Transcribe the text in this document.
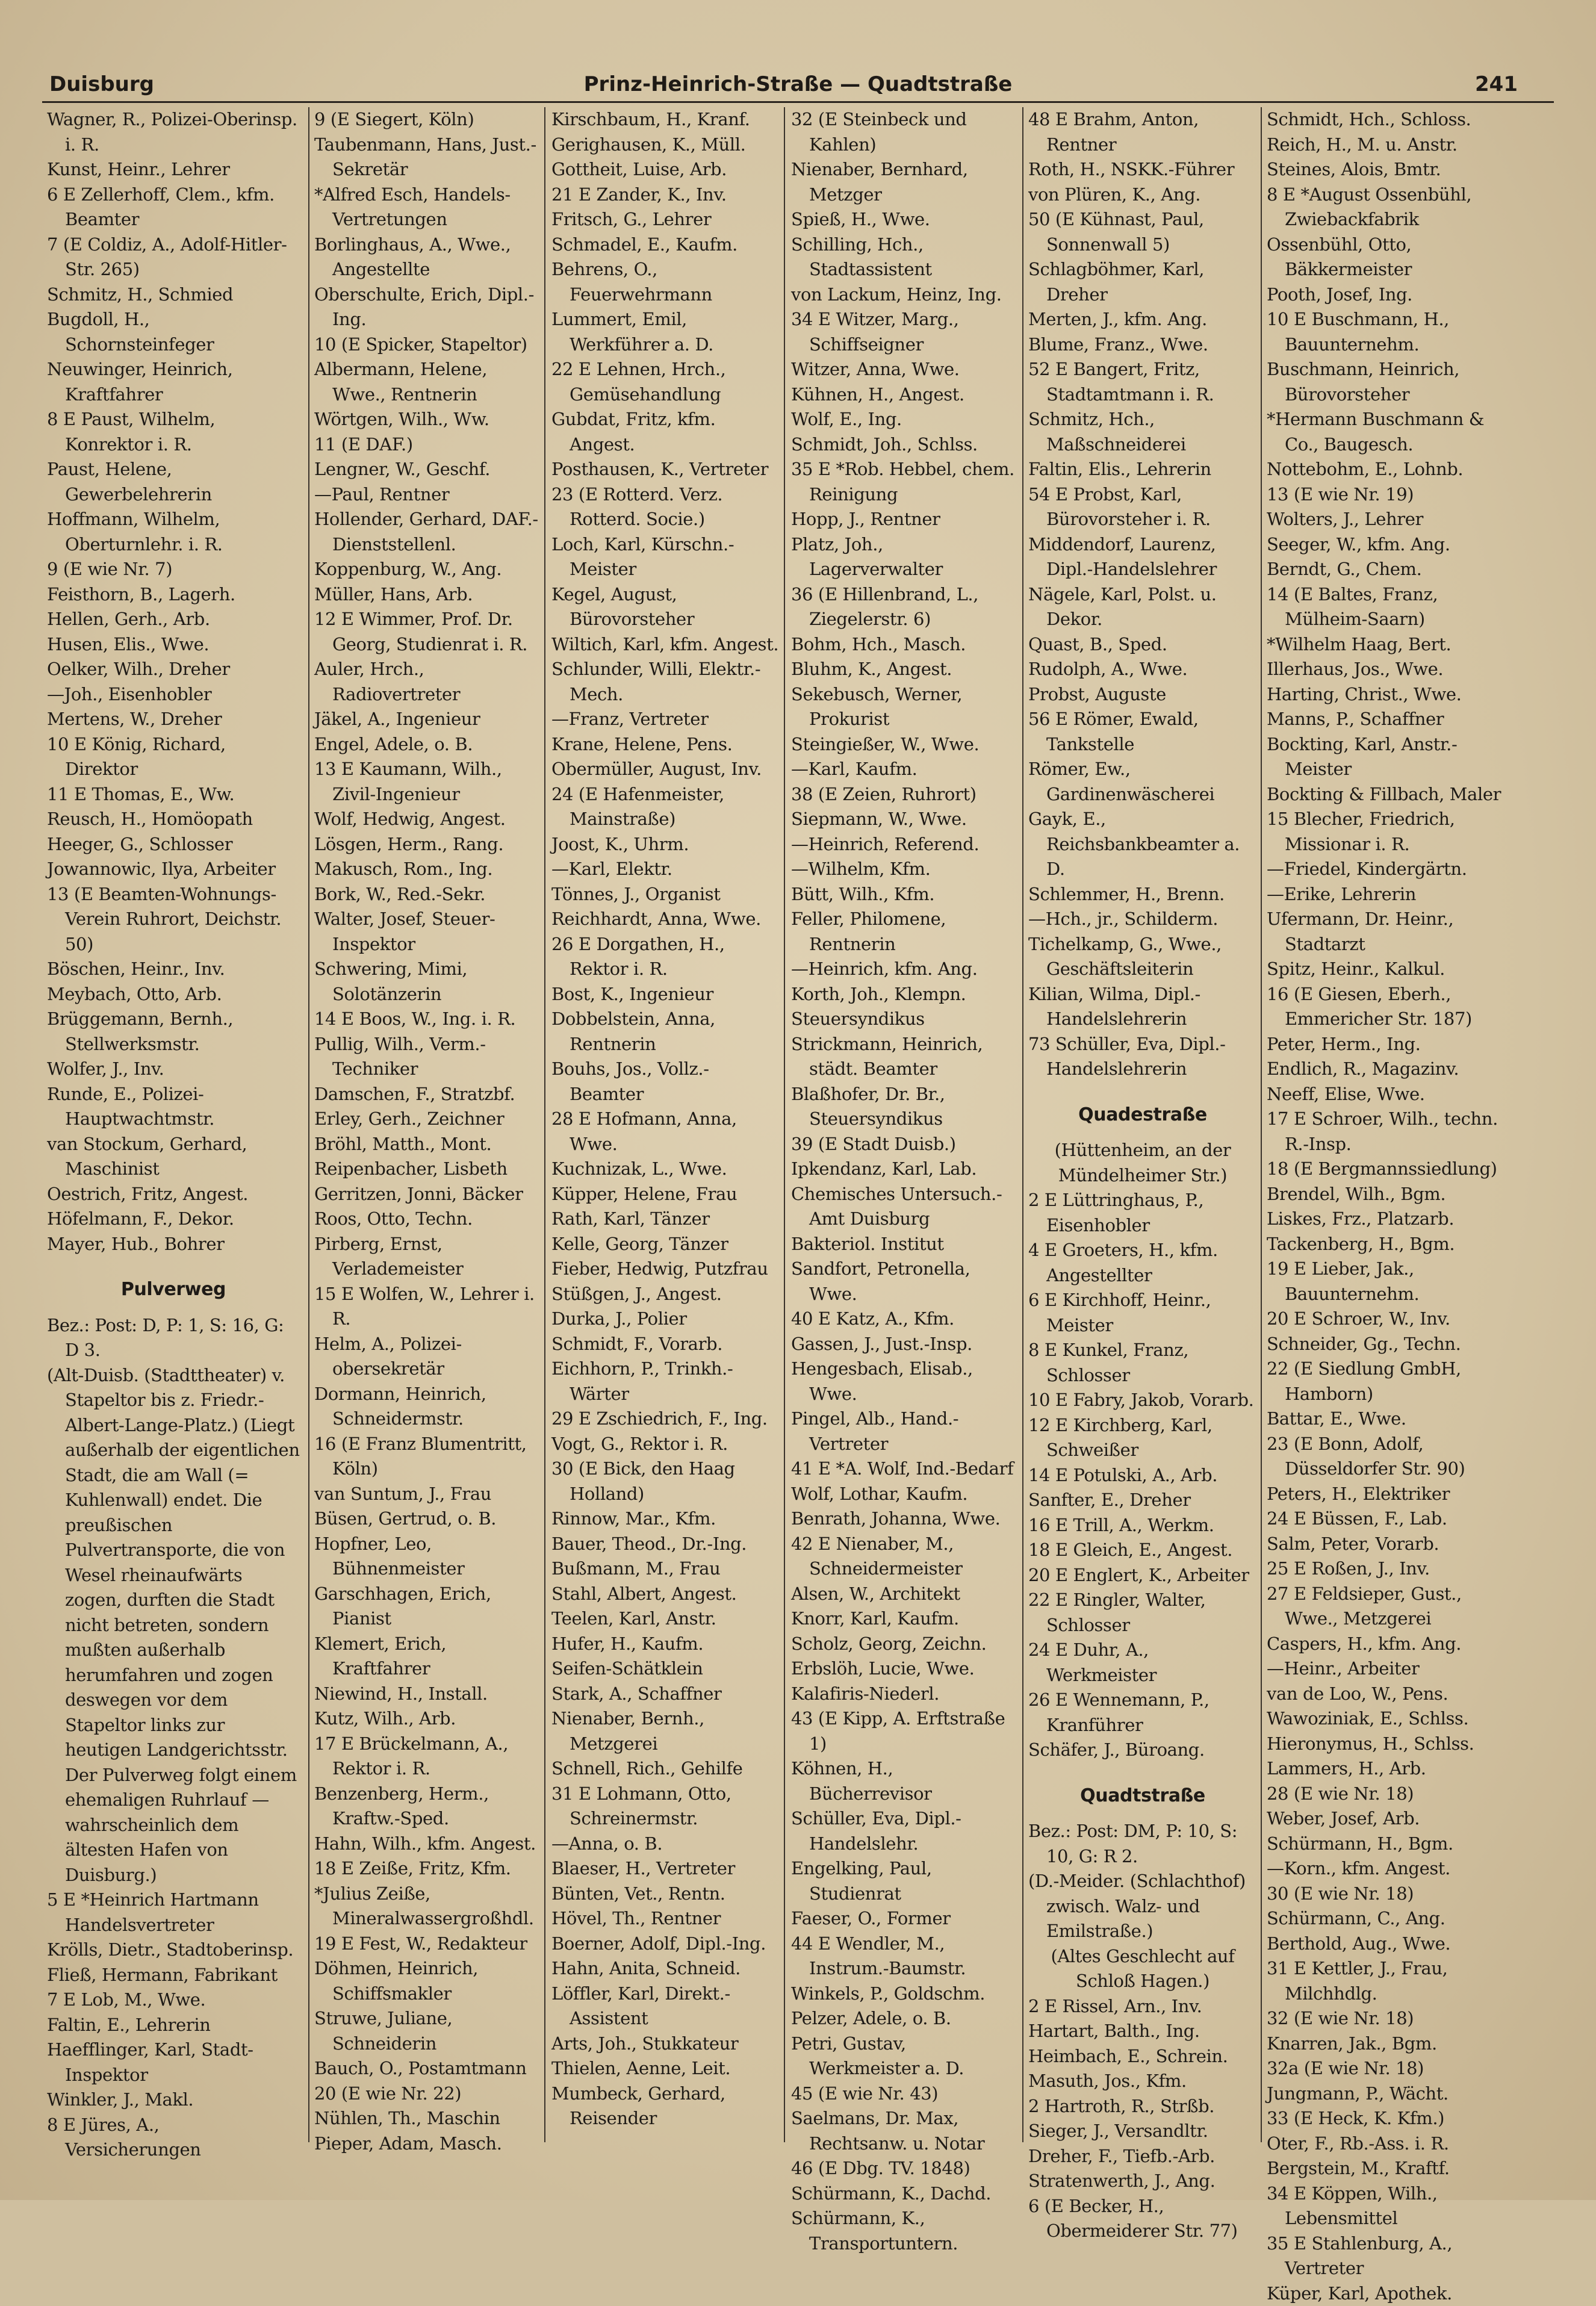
Duisburg	Prinz-Heinrich-Straße — Quadtstraße	241
Wagner, R., Polizei-Oberinsp. i. R.
Kunst, Heinr., Lehrer
6 E Zellerhoff, Clem., kfm. Beamter
7 (E Coldiz, A., Adolf-Hitler-Str. 265)
Schmitz, H., Schmied
Bugdoll, H., Schornsteinfeger
Neuwinger, Heinrich, Kraftfahrer
8 E Paust, Wilhelm, Konrektor i. R.
Paust, Helene, Gewerbelehrerin
Hoffmann, Wilhelm, Oberturnlehr. i. R.
9 (E wie Nr. 7)
Feisthorn, B., Lagerh.
Hellen, Gerh., Arb.
Husen, Elis., Wwe.
Oelker, Wilh., Dreher
—Joh., Eisenhobler
Mertens, W., Dreher
10 E König, Richard, Direktor
11 E Thomas, E., Ww.
Reusch, H., Homöopath
Heeger, G., Schlosser
Jowannowic, Ilya, Arbeiter
13 (E Beamten-Wohnungs-Verein Ruhrort, Deichstr. 50)
Böschen, Heinr., Inv.
Meybach, Otto, Arb.
Brüggemann, Bernh., Stellwerksmstr.
Wolfer, J., Inv.
Runde, E., Polizei-Hauptwachtmstr.
van Stockum, Gerhard, Maschinist
Oestrich, Fritz, Angest.
Höfelmann, F., Dekor.
Mayer, Hub., Bohrer
Pulverweg
Bez.: Post: D, P: 1, S: 16, G: D 3.
(Alt-Duisb. (Stadttheater) v. Stapeltor bis z. Friedr.-Albert-Lange-Platz.) (Liegt außerhalb der eigentlichen Stadt, die am Wall (= Kuhlenwall) endet. Die preußischen Pulvertransporte, die von Wesel rheinaufwärts zogen, durften die Stadt nicht betreten, sondern mußten außerhalb herumfahren und zogen deswegen vor dem Stapeltor links zur heutigen Landgerichtsstr. Der Pulverweg folgt einem ehemaligen Ruhrlauf — wahrscheinlich dem ältesten Hafen von Duisburg.)
5 E *Heinrich Hartmann Handelsvertreter
Krölls, Dietr., Stadtoberinsp.
Fließ, Hermann, Fabrikant
7 E Lob, M., Wwe.
Faltin, E., Lehrerin
Haefflinger, Karl, Stadt-Inspektor
Winkler, J., Makl.
8 E Jüres, A., Versicherungen
9 (E Siegert, Köln)
Taubenmann, Hans, Just.-Sekretär
*Alfred Esch, Handels-Vertretungen
Borlinghaus, A., Wwe., Angestellte
Oberschulte, Erich, Dipl.-Ing.
10 (E Spicker, Stapeltor)
Albermann, Helene, Wwe., Rentnerin
Wörtgen, Wilh., Ww.
11 (E DAF.)
Lengner, W., Geschf.
—Paul, Rentner
Hollender, Gerhard, DAF.-Dienststellenl.
Koppenburg, W., Ang.
Müller, Hans, Arb.
12 E Wimmer, Prof. Dr. Georg, Studienrat i. R.
Auler, Hrch., Radiovertreter
Jäkel, A., Ingenieur
Engel, Adele, o. B.
13 E Kaumann, Wilh., Zivil-Ingenieur
Wolf, Hedwig, Angest.
Lösgen, Herm., Rang.
Makusch, Rom., Ing.
Bork, W., Red.-Sekr.
Walter, Josef, Steuer-Inspektor
Schwering, Mimi, Solotänzerin
14 E Boos, W., Ing. i. R.
Pullig, Wilh., Verm.-Techniker
Damschen, F., Stratzbf.
Erley, Gerh., Zeichner
Bröhl, Matth., Mont.
Reipenbacher, Lisbeth
Gerritzen, Jonni, Bäcker
Roos, Otto, Techn.
Pirberg, Ernst, Verlademeister
15 E Wolfen, W., Lehrer i. R.
Helm, A., Polizei-obersekretär
Dormann, Heinrich, Schneidermstr.
16 (E Franz Blumentritt, Köln)
van Suntum, J., Frau
Büsen, Gertrud, o. B.
Hopfner, Leo, Bühnenmeister
Garschhagen, Erich, Pianist
Klemert, Erich, Kraftfahrer
Niewind, H., Install.
Kutz, Wilh., Arb.
17 E Brückelmann, A., Rektor i. R.
Benzenberg, Herm., Kraftw.-Sped.
Hahn, Wilh., kfm. Angest.
18 E Zeiße, Fritz, Kfm.
*Julius Zeiße, Mineralwassergroßhdl.
19 E Fest, W., Redakteur
Döhmen, Heinrich, Schiffsmakler
Struwe, Juliane, Schneiderin
Bauch, O., Postamtmann
20 (E wie Nr. 22)
Nühlen, Th., Maschin
Pieper, Adam, Masch.
Kirschbaum, H., Kranf.
Gerighausen, K., Müll.
Gottheit, Luise, Arb.
21 E Zander, K., Inv.
Fritsch, G., Lehrer
Schmadel, E., Kaufm.
Behrens, O., Feuerwehrmann
Lummert, Emil, Werkführer a. D.
22 E Lehnen, Hrch., Gemüsehandlung
Gubdat, Fritz, kfm. Angest.
Posthausen, K., Vertreter
23 (E Rotterd. Verz. Rotterd. Socie.)
Loch, Karl, Kürschn.-Meister
Kegel, August, Bürovorsteher
Wiltich, Karl, kfm. Angest.
Schlunder, Willi, Elektr.-Mech.
—Franz, Vertreter
Krane, Helene, Pens.
Obermüller, August, Inv.
24 (E Hafenmeister, Mainstraße)
Joost, K., Uhrm.
—Karl, Elektr.
Tönnes, J., Organist
Reichhardt, Anna, Wwe.
26 E Dorgathen, H., Rektor i. R.
Bost, K., Ingenieur
Dobbelstein, Anna, Rentnerin
Bouhs, Jos., Vollz.-Beamter
28 E Hofmann, Anna, Wwe.
Kuchnizak, L., Wwe.
Küpper, Helene, Frau
Rath, Karl, Tänzer
Kelle, Georg, Tänzer
Fieber, Hedwig, Putzfrau
Stüßgen, J., Angest.
Durka, J., Polier
Schmidt, F., Vorarb.
Eichhorn, P., Trinkh.-Wärter
29 E Zschiedrich, F., Ing.
Vogt, G., Rektor i. R.
30 (E Bick, den Haag Holland)
Rinnow, Mar., Kfm.
Bauer, Theod., Dr.-Ing.
Bußmann, M., Frau
Stahl, Albert, Angest.
Teelen, Karl, Anstr.
Hufer, H., Kaufm.
Seifen-Schätklein
Stark, A., Schaffner
Nienaber, Bernh., Metzgerei
Schnell, Rich., Gehilfe
31 E Lohmann, Otto, Schreinermstr.
—Anna, o. B.
Blaeser, H., Vertreter
Bünten, Vet., Rentn.
Hövel, Th., Rentner
Boerner, Adolf, Dipl.-Ing.
Hahn, Anita, Schneid.
Löffler, Karl, Direkt.-Assistent
Arts, Joh., Stukkateur
Thielen, Aenne, Leit.
Mumbeck, Gerhard, Reisender
32 (E Steinbeck und Kahlen)
Nienaber, Bernhard, Metzger
Spieß, H., Wwe.
Schilling, Hch., Stadtassistent
von Lackum, Heinz, Ing.
34 E Witzer, Marg., Schiffseigner
Witzer, Anna, Wwe.
Kühnen, H., Angest.
Wolf, E., Ing.
Schmidt, Joh., Schlss.
35 E *Rob. Hebbel, chem. Reinigung
Hopp, J., Rentner
Platz, Joh., Lagerverwalter
36 (E Hillenbrand, L., Ziegelerstr. 6)
Bohm, Hch., Masch.
Bluhm, K., Angest.
Sekebusch, Werner, Prokurist
Steingießer, W., Wwe.
—Karl, Kaufm.
38 (E Zeien, Ruhrort)
Siepmann, W., Wwe.
—Heinrich, Referend.
—Wilhelm, Kfm.
Bütt, Wilh., Kfm.
Feller, Philomene, Rentnerin
—Heinrich, kfm. Ang.
Korth, Joh., Klempn.
Steuersyndikus
Strickmann, Heinrich, städt. Beamter
Blaßhofer, Dr. Br., Steuersyndikus
39 (E Stadt Duisb.)
Ipkendanz, Karl, Lab.
Chemisches Untersuch.-Amt Duisburg
Bakteriol. Institut
Sandfort, Petronella, Wwe.
40 E Katz, A., Kfm.
Gassen, J., Just.-Insp.
Hengesbach, Elisab., Wwe.
Pingel, Alb., Hand.-Vertreter
41 E *A. Wolf, Ind.-Bedarf
Wolf, Lothar, Kaufm.
Benrath, Johanna, Wwe.
42 E Nienaber, M., Schneidermeister
Alsen, W., Architekt
Knorr, Karl, Kaufm.
Scholz, Georg, Zeichn.
Erbslöh, Lucie, Wwe.
Kalafiris-Niederl.
43 (E Kipp, A. Erftstraße 1)
Köhnen, H., Bücherrevisor
Schüller, Eva, Dipl.-Handelslehr.
Engelking, Paul, Studienrat
Faeser, O., Former
44 E Wendler, M., Instrum.-Baumstr.
Winkels, P., Goldschm.
Pelzer, Adele, o. B.
Petri, Gustav, Werkmeister a. D.
45 (E wie Nr. 43)
Saelmans, Dr. Max, Rechtsanw. u. Notar
46 (E Dbg. TV. 1848)
Schürmann, K., Dachd.
Schürmann, K., Transportuntern.
48 E Brahm, Anton, Rentner
Roth, H., NSKK.-Führer
von Plüren, K., Ang.
50 (E Kühnast, Paul, Sonnenwall 5)
Schlagböhmer, Karl, Dreher
Merten, J., kfm. Ang.
Blume, Franz., Wwe.
52 E Bangert, Fritz, Stadtamtmann i. R.
Schmitz, Hch., Maßschneiderei
Faltin, Elis., Lehrerin
54 E Probst, Karl, Bürovorsteher i. R.
Middendorf, Laurenz, Dipl.-Handelslehrer
Nägele, Karl, Polst. u. Dekor.
Quast, B., Sped.
Rudolph, A., Wwe.
Probst, Auguste
56 E Römer, Ewald, Tankstelle
Römer, Ew., Gardinenwäscherei
Gayk, E., Reichsbankbeamter a. D.
Schlemmer, H., Brenn.
—Hch., jr., Schilderm.
Tichelkamp, G., Wwe., Geschäftsleiterin
Kilian, Wilma, Dipl.-Handelslehrerin
73 Schüller, Eva, Dipl.-Handelslehrerin
Quadestraße
(Hüttenheim, an der Mündelheimer Str.)
2 E Lüttringhaus, P., Eisenhobler
4 E Groeters, H., kfm. Angestellter
6 E Kirchhoff, Heinr., Meister
8 E Kunkel, Franz, Schlosser
10 E Fabry, Jakob, Vorarb.
12 E Kirchberg, Karl, Schweißer
14 E Potulski, A., Arb.
Sanfter, E., Dreher
16 E Trill, A., Werkm.
18 E Gleich, E., Angest.
20 E Englert, K., Arbeiter
22 E Ringler, Walter, Schlosser
24 E Duhr, A., Werkmeister
26 E Wennemann, P., Kranführer
Schäfer, J., Büroang.
Quadtstraße
Bez.: Post: DM, P: 10, S: 10, G: R 2.
(D.-Meider. (Schlachthof) zwisch. Walz- und Emilstraße.)
(Altes Geschlecht auf Schloß Hagen.)
2 E Rissel, Arn., Inv.
Hartart, Balth., Ing.
Heimbach, E., Schrein.
Masuth, Jos., Kfm.
2 Hartroth, R., Strßb.
Sieger, J., Versandltr.
Dreher, F., Tiefb.-Arb.
Stratenwerth, J., Ang.
6 (E Becker, H., Obermeiderer Str. 77)
Schmidt, Hch., Schloss.
Reich, H., M. u. Anstr.
Steines, Alois, Bmtr.
8 E *August Ossenbühl, Zwiebackfabrik
Ossenbühl, Otto, Bäkkermeister
Pooth, Josef, Ing.
10 E Buschmann, H., Bauunternehm.
Buschmann, Heinrich, Bürovorsteher
*Hermann Buschmann & Co., Baugesch.
Nottebohm, E., Lohnb.
13 (E wie Nr. 19)
Wolters, J., Lehrer
Seeger, W., kfm. Ang.
Berndt, G., Chem.
14 (E Baltes, Franz, Mülheim-Saarn)
*Wilhelm Haag, Bert.
Illerhaus, Jos., Wwe.
Harting, Christ., Wwe.
Manns, P., Schaffner
Bockting, Karl, Anstr.-Meister
Bockting & Fillbach, Maler
15 Blecher, Friedrich, Missionar i. R.
—Friedel, Kindergärtn.
—Erike, Lehrerin
Ufermann, Dr. Heinr., Stadtarzt
Spitz, Heinr., Kalkul.
16 (E Giesen, Eberh., Emmericher Str. 187)
Peter, Herm., Ing.
Endlich, R., Magazinv.
Neeff, Elise, Wwe.
17 E Schroer, Wilh., techn. R.-Insp.
18 (E Bergmannssiedlung)
Brendel, Wilh., Bgm.
Liskes, Frz., Platzarb.
Tackenberg, H., Bgm.
19 E Lieber, Jak., Bauunternehm.
20 E Schroer, W., Inv.
Schneider, Gg., Techn.
22 (E Siedlung GmbH, Hamborn)
Battar, E., Wwe.
23 (E Bonn, Adolf, Düsseldorfer Str. 90)
Peters, H., Elektriker
24 E Büssen, F., Lab.
Salm, Peter, Vorarb.
25 E Roßen, J., Inv.
27 E Feldsieper, Gust., Wwe., Metzgerei
Caspers, H., kfm. Ang.
—Heinr., Arbeiter
van de Loo, W., Pens.
Wawoziniak, E., Schlss.
Hieronymus, H., Schlss.
Lammers, H., Arb.
28 (E wie Nr. 18)
Weber, Josef, Arb.
Schürmann, H., Bgm.
—Korn., kfm. Angest.
30 (E wie Nr. 18)
Schürmann, C., Ang.
Berthold, Aug., Wwe.
31 E Kettler, J., Frau, Milchhdlg.
32 (E wie Nr. 18)
Knarren, Jak., Bgm.
32a (E wie Nr. 18)
Jungmann, P., Wächt.
33 (E Heck, K. Kfm.)
Oter, F., Rb.-Ass. i. R.
Bergstein, M., Kraftf.
34 E Köppen, Wilh., Lebensmittel
35 E Stahlenburg, A., Vertreter
Küper, Karl, Apothek.
